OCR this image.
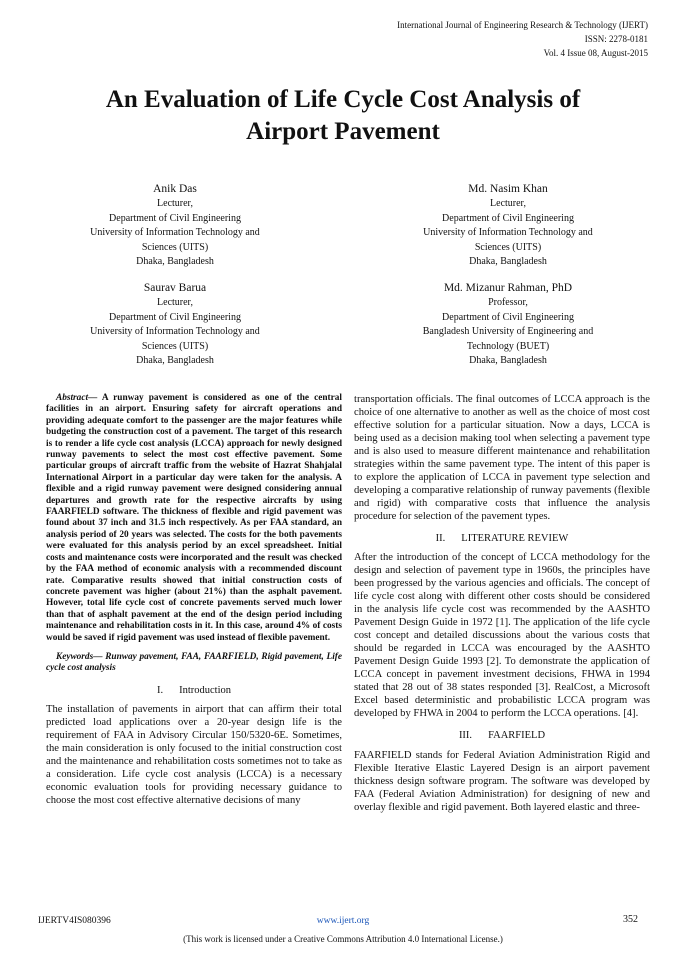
International Journal of Engineering Research & Technology (IJERT)
ISSN: 2278-0181
Vol. 4 Issue 08, August-2015
An Evaluation of Life Cycle Cost Analysis of
Airport Pavement
Anik Das
Lecturer,
Department of Civil Engineering
University of Information Technology and
Sciences (UITS)
Dhaka, Bangladesh
Md. Nasim Khan
Lecturer,
Department of Civil Engineering
University of Information Technology and
Sciences (UITS)
Dhaka, Bangladesh
Saurav Barua
Lecturer,
Department of Civil Engineering
University of Information Technology and
Sciences (UITS)
Dhaka, Bangladesh
Md. Mizanur Rahman, PhD
Professor,
Department of Civil Engineering
Bangladesh University of Engineering and
Technology (BUET)
Dhaka, Bangladesh

Abstract— A runway pavement is considered as one of the central facilities in an airport. Ensuring safety for aircraft operations and providing adequate comfort to the passenger are the major features while budgeting the construction cost of a pavement. The target of this research is to render a life cycle cost analysis (LCCA) approach for newly designed runway pavements to select the most cost effective pavement. Some particular groups of aircraft traffic from the website of Hazrat Shahjalal International Airport in a particular day were taken for the analysis. A flexible and a rigid runway pavement were designed considering annual departures and growth rate for the respective aircrafts by using FAARFIELD software. The thickness of flexible and rigid pavement was found about 37 inch and 31.5 inch respectively. As per FAA standard, an analysis period of 20 years was selected. The costs for the both pavements were evaluated for this analysis period by an excel spreadsheet. Initial costs and maintenance costs were incorporated and the result was checked by the FAA method of economic analysis with a recommended discount rate. Comparative results showed that initial construction costs of concrete pavement was higher (about 21%) than the asphalt pavement. However, total life cycle cost of concrete pavements served much lower than that of asphalt pavement at the end of the design period including maintenance and rehabilitation costs in it. In this case, around 4% of costs would be saved if rigid pavement was used instead of flexible pavement.

Keywords— Runway pavement, FAA, FAARFIELD, Rigid pavement, Life cycle cost analysis

I. Introduction

The installation of pavements in airport that can affirm their total predicted load applications over a 20-year design life is the requirement of FAA in Advisory Circular 150/5320-6E. Sometimes, the main consideration is only focused to the initial construction cost and the maintenance and rehabilitation costs sometimes not to take as a consideration. Life cycle cost analysis (LCCA) is a necessary economic evaluation tools for providing necessary guidance to choose the most cost effective alternative decisions of many

transportation officials. The final outcomes of LCCA approach is the choice of one alternative to another as well as the choice of most cost effective solution for a particular situation. Now a days, LCCA is being used as a decision making tool when selecting a pavement type and is also used to measure different maintenance and rehabilitation strategies within the same pavement type. The intent of this paper is to explore the application of LCCA in pavement type selection and developing a comparative relationship of runway pavements (flexible and rigid) with comparative costs that influence the analysis procedure for selection of the pavement types.

II. LITERATURE REVIEW

After the introduction of the concept of LCCA methodology for the design and selection of pavement type in 1960s, the principles have been progressed by the various agencies and officials. The concept of life cycle cost along with different other costs should be considered in the analysis life cycle cost was recommended by the AASHTO Pavement Design Guide in 1972 [1]. The application of the life cycle cost concept and detailed discussions about the various costs that should be regarded in LCCA was encouraged by the AASHTO Pavement Design Guide 1993 [2]. To demonstrate the application of LCCA concept in pavement investment decisions, FHWA in 1994 stated that 28 out of 38 states responded [3]. RealCost, a Microsoft Excel based deterministic and probabilistic LCCA program was developed by FHWA in 2004 to perform the LCCA operations. [4].

III. FAARFIELD

FAARFIELD stands for Federal Aviation Administration Rigid and Flexible Iterative Elastic Layered Design is an airport pavement thickness design software program. The software was developed by FAA (Federal Aviation Administration) for designing of new and overlay flexible and rigid pavement. Both layered elastic and three-

IJERTV4IS080396	www.ijert.org	352
(This work is licensed under a Creative Commons Attribution 4.0 International License.)
